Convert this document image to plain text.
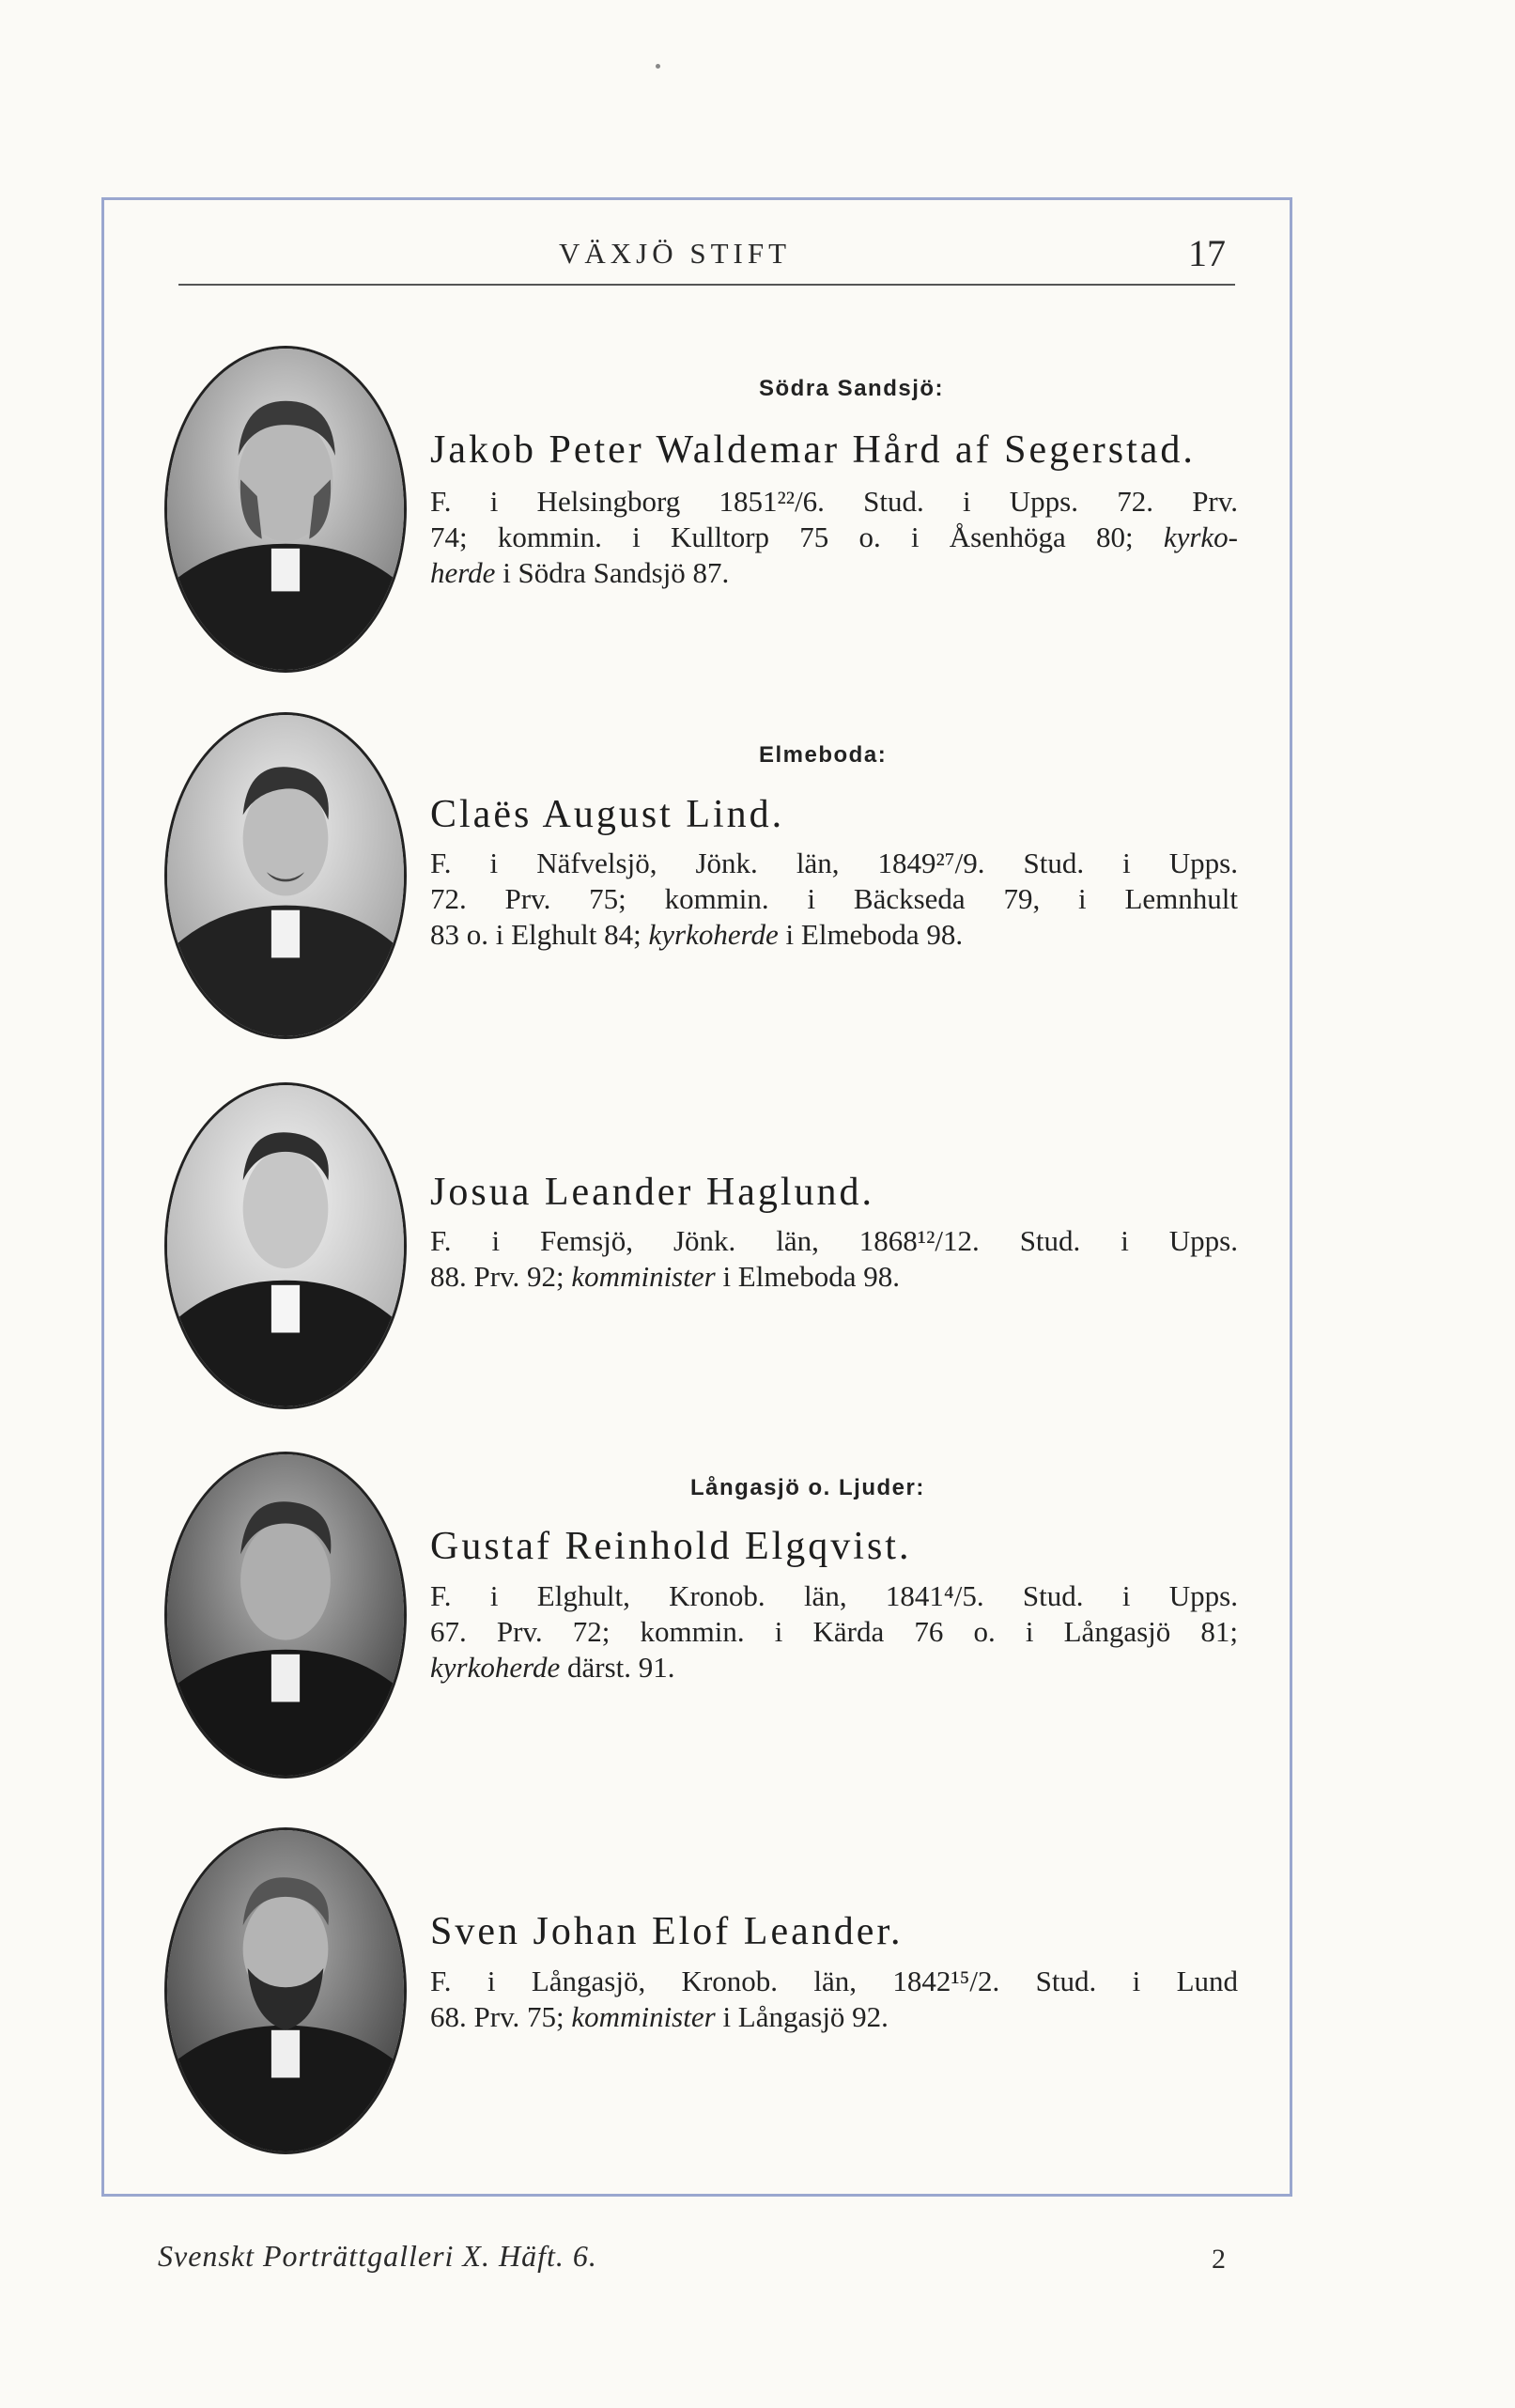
VÄXJÖ STIFT	17
Södra Sandsjö:
Jakob Peter Waldemar Hård af Segerstad.
F. i Helsingborg 1851²²/6. Stud. i Upps. 72. Prv.
74; kommin. i Kulltorp 75 o. i Åsenhöga 80; kyrko-
herde i Södra Sandsjö 87.
Elmeboda:
Claës August Lind.
F. i Näfvelsjö, Jönk. län, 1849²⁷/9. Stud. i Upps.
72. Prv. 75; kommin. i Bäckseda 79, i Lemnhult
83 o. i Elghult 84; kyrkoherde i Elmeboda 98.
Josua Leander Haglund.
F. i Femsjö, Jönk. län, 1868¹²/12. Stud. i Upps.
88. Prv. 92; komminister i Elmeboda 98.
Långasjö o. Ljuder:
Gustaf Reinhold Elgqvist.
F. i Elghult, Kronob. län, 1841⁴/5. Stud. i Upps.
67. Prv. 72; kommin. i Kärda 76 o. i Långasjö 81;
kyrkoherde därst. 91.
Sven Johan Elof Leander.
F. i Långasjö, Kronob. län, 1842¹⁵/2. Stud. i Lund
68. Prv. 75; komminister i Långasjö 92.
Svenskt Porträttgalleri X. Häft. 6.	2
